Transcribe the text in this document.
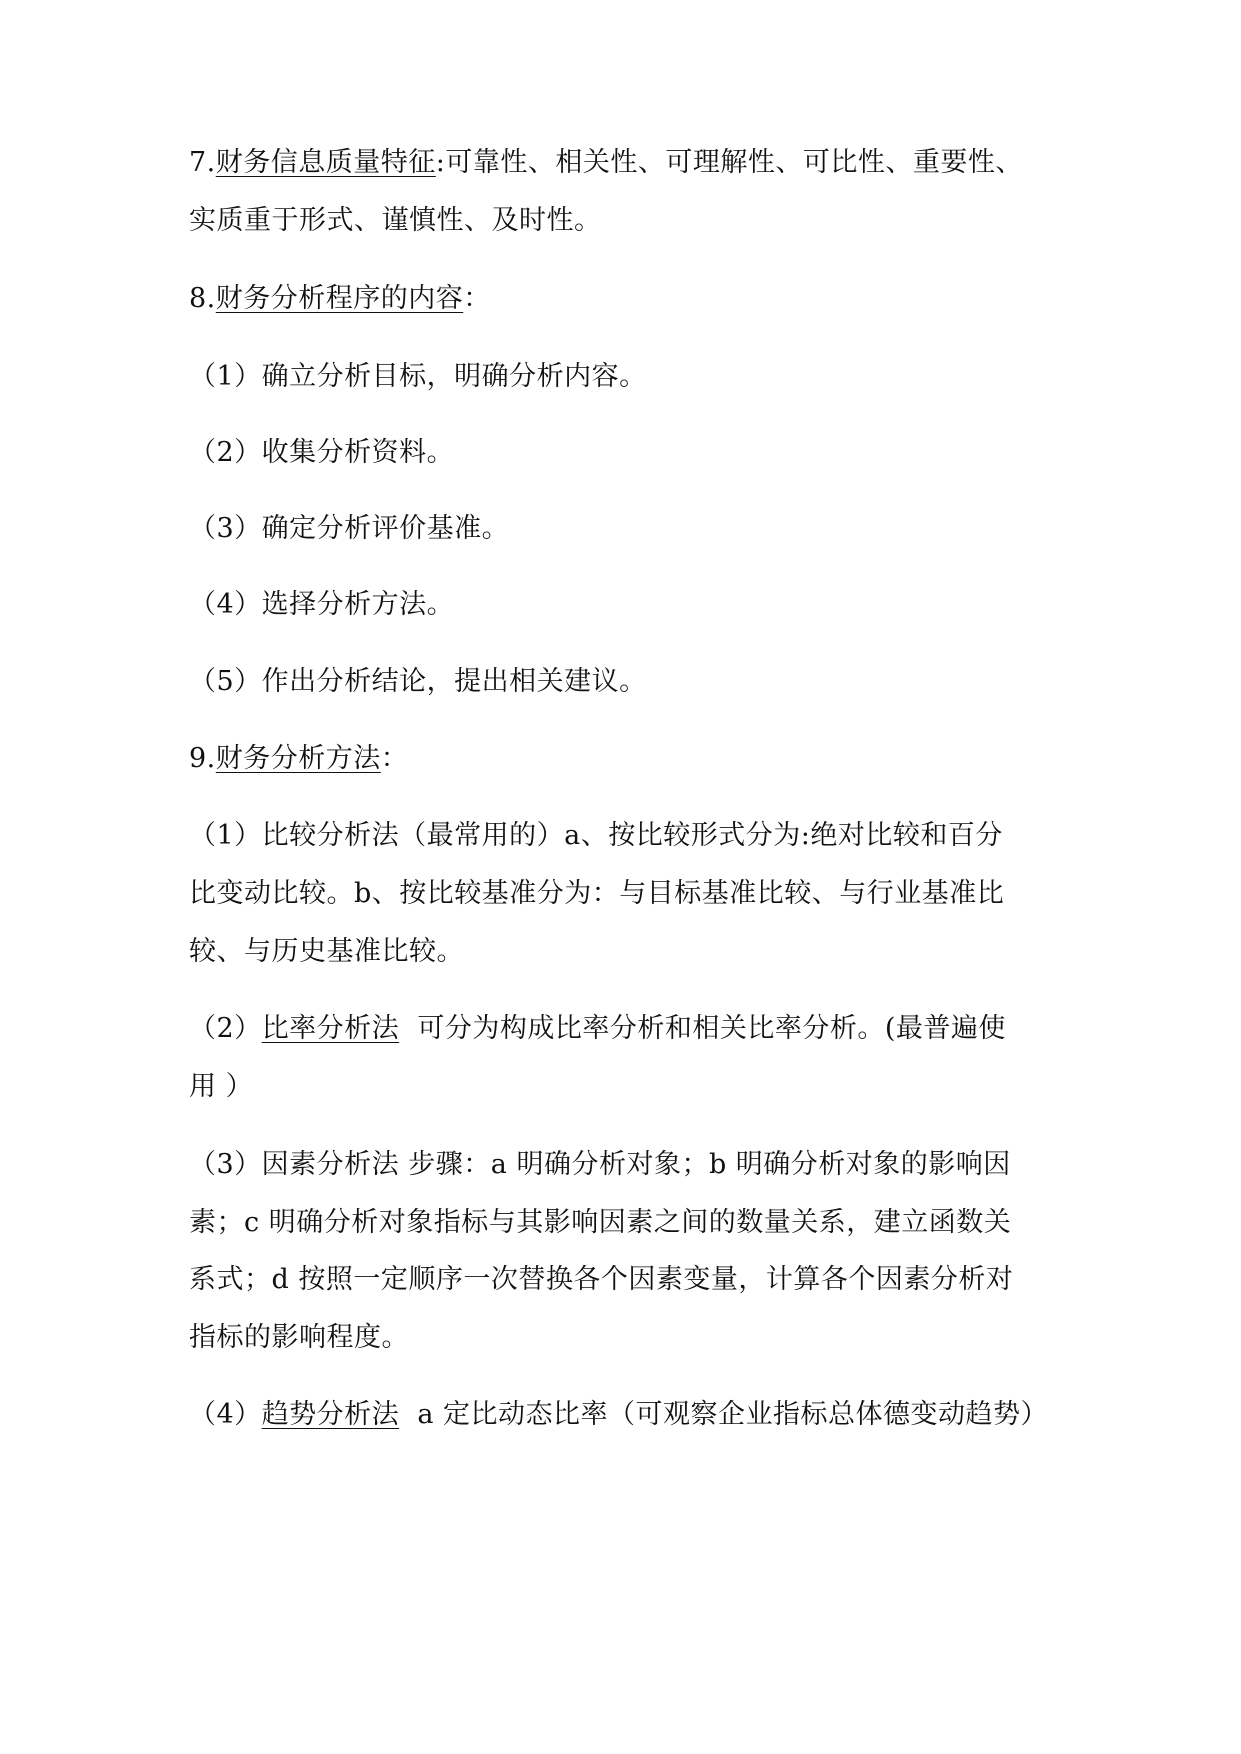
7.财务信息质量特征:可靠性、相关性、可理解性、可比性、重要性、
实质重于形式、谨慎性、及时性。
8.财务分析程序的内容：
（1）确立分析目标，明确分析内容。
（2）收集分析资料。
（3）确定分析评价基准。
（4）选择分析方法。
（5）作出分析结论，提出相关建议。
9.财务分析方法：
（1）比较分析法（最常用的）a、按比较形式分为:绝对比较和百分
比变动比较。b、按比较基准分为：与目标基准比较、与行业基准比
较、与历史基准比较。
（2）比率分析法 可分为构成比率分析和相关比率分析。(最普遍使
用 ）
（3）因素分析法 步骤：a 明确分析对象；b 明确分析对象的影响因
素；c 明确分析对象指标与其影响因素之间的数量关系，建立函数关
系式；d 按照一定顺序一次替换各个因素变量，计算各个因素分析对
指标的影响程度。
（4）趋势分析法 a 定比动态比率（可观察企业指标总体德变动趋势）
